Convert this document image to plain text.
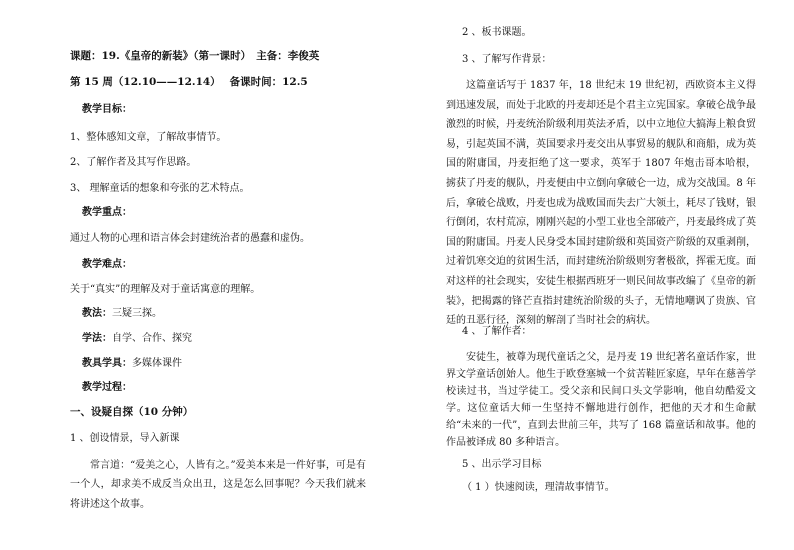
课题：19.《皇帝的新装》（第一课时）　主备：李俊英
第 15 周（12.10——12.14）　 备课时间：12.5
教学目标：
1、整体感知文章，了解故事情节。
2、了解作者及其写作思路。
3、 理解童话的想象和夸张的艺术特点。
教学重点：
通过人物的心理和语言体会封建统治者的愚蠢和虚伪。
教学难点：
关于“真实”的理解及对于童话寓意的理解。
教法：三疑三探。
学法：自学、合作、探究
教具学具：多媒体课件
教学过程：
一、设疑自探（10 分钟）
1 、创设情景，导入新课
常言道：“爱美之心，人皆有之。”爱美本来是一件好事，可是有一个人，却求美不成反当众出丑，这是怎么回事呢？今天我们就来将讲述这个故事。
2 、板书课题。
3 、了解写作背景：
这篇童话写于 1837 年，18 世纪末 19 世纪初，西欧资本主义得到迅速发展，而处于北欧的丹麦却还是个君主立宪国家。拿破仑战争最激烈的时候，丹麦统治阶级利用英法矛盾，以中立地位大搞海上粮食贸易，引起英国不满，英国要求丹麦交出从事贸易的舰队和商船，成为英国的附庸国，丹麦拒绝了这一要求，英军于 1807 年炮击哥本哈根，掳获了丹麦的舰队，丹麦便由中立倒向拿破仑一边，成为交战国。8 年后，拿破仑战败，丹麦也成为战败国而失去广大领土，耗尽了钱财，银行倒闭，农村荒凉，刚刚兴起的小型工业也全部破产，丹麦最终成了英国的附庸国。丹麦人民身受本国封建阶级和英国资产阶级的双重剥削，过着饥寒交迫的贫困生活，而封建统治阶级则穷奢极欲，挥霍无度。面对这样的社会现实，安徒生根据西班牙一则民间故事改编了《皇帝的新装》，把揭露的锋芒直指封建统治阶级的头子，无情地嘲讽了贵族、官廷的丑恶行径，深刻的解剖了当时社会的病状。
4 、了解作者：
安徒生，被尊为现代童话之父，是丹麦 19 世纪著名童话作家，世界文学童话创始人。他生于欧登塞城一个贫苦鞋匠家庭，早年在慈善学校读过书，当过学徒工。受父亲和民间口头文学影响，他自幼酷爱文学。这位童话大师一生坚持不懈地进行创作，把他的天才和生命献给“未来的一代”，直到去世前三年，共写了 168 篇童话和故事。他的作品被译成 80 多种语言。
5 、出示学习目标
（ 1 ）快速阅读，理清故事情节。
